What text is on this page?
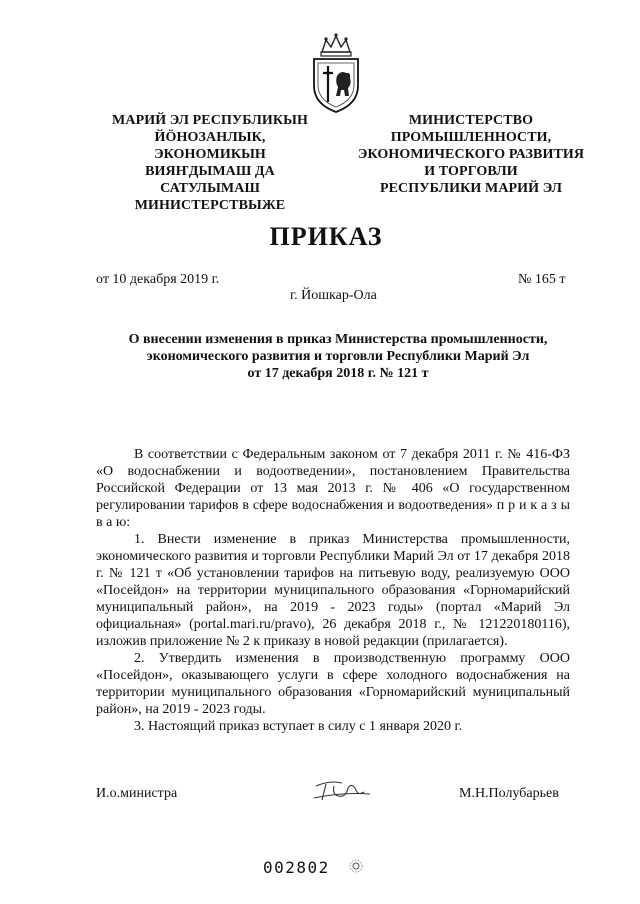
МАРИЙ ЭЛ РЕСПУБЛИКЫН
ЙӦНОЗАНЛЫК, ЭКОНОМИКЫН
ВИЯҤДЫМАШ ДА
САТУЛЫМАШ
МИНИСТЕРСТВЫЖЕ
МИНИСТЕРСТВО
ПРОМЫШЛЕННОСТИ,
ЭКОНОМИЧЕСКОГО РАЗВИТИЯ
И ТОРГОВЛИ
РЕСПУБЛИКИ МАРИЙ ЭЛ
ПРИКАЗ
от 10 декабря 2019 г.	№ 165 т
г. Йошкар-Ола
О внесении изменения в приказ Министерства промышленности,
экономического развития и торговли Республики Марий Эл
от 17 декабря 2018 г. № 121 т

В соответствии с Федеральным законом от 7 декабря 2011 г. № 416-ФЗ «О водоснабжении и водоотведении», постановлением Правительства Российской Федерации от 13 мая 2013 г. № 406 «О государственном регулировании тарифов в сфере водоснабжения и водоотведения» п р и к а з ы в а ю:

1. Внести изменение в приказ Министерства промышленности, экономического развития и торговли Республики Марий Эл от 17 декабря 2018 г. № 121 т «Об установлении тарифов на питьевую воду, реализуемую ООО «Посейдон» на территории муниципального образования «Горномарийский муниципальный район», на 2019 - 2023 годы» (портал «Марий Эл официальная» (portal.mari.ru/pravo), 26 декабря 2018 г., № 121220180116), изложив приложение № 2 к приказу в новой редакции (прилагается).

2. Утвердить изменения в производственную программу ООО «Посейдон», оказывающего услуги в сфере холодного водоснабжения на территории муниципального образования «Горномарийский муниципальный район», на 2019 - 2023 годы.

3. Настоящий приказ вступает в силу с 1 января 2020 г.

И.о.министра	М.Н.Полубарьев
002802
